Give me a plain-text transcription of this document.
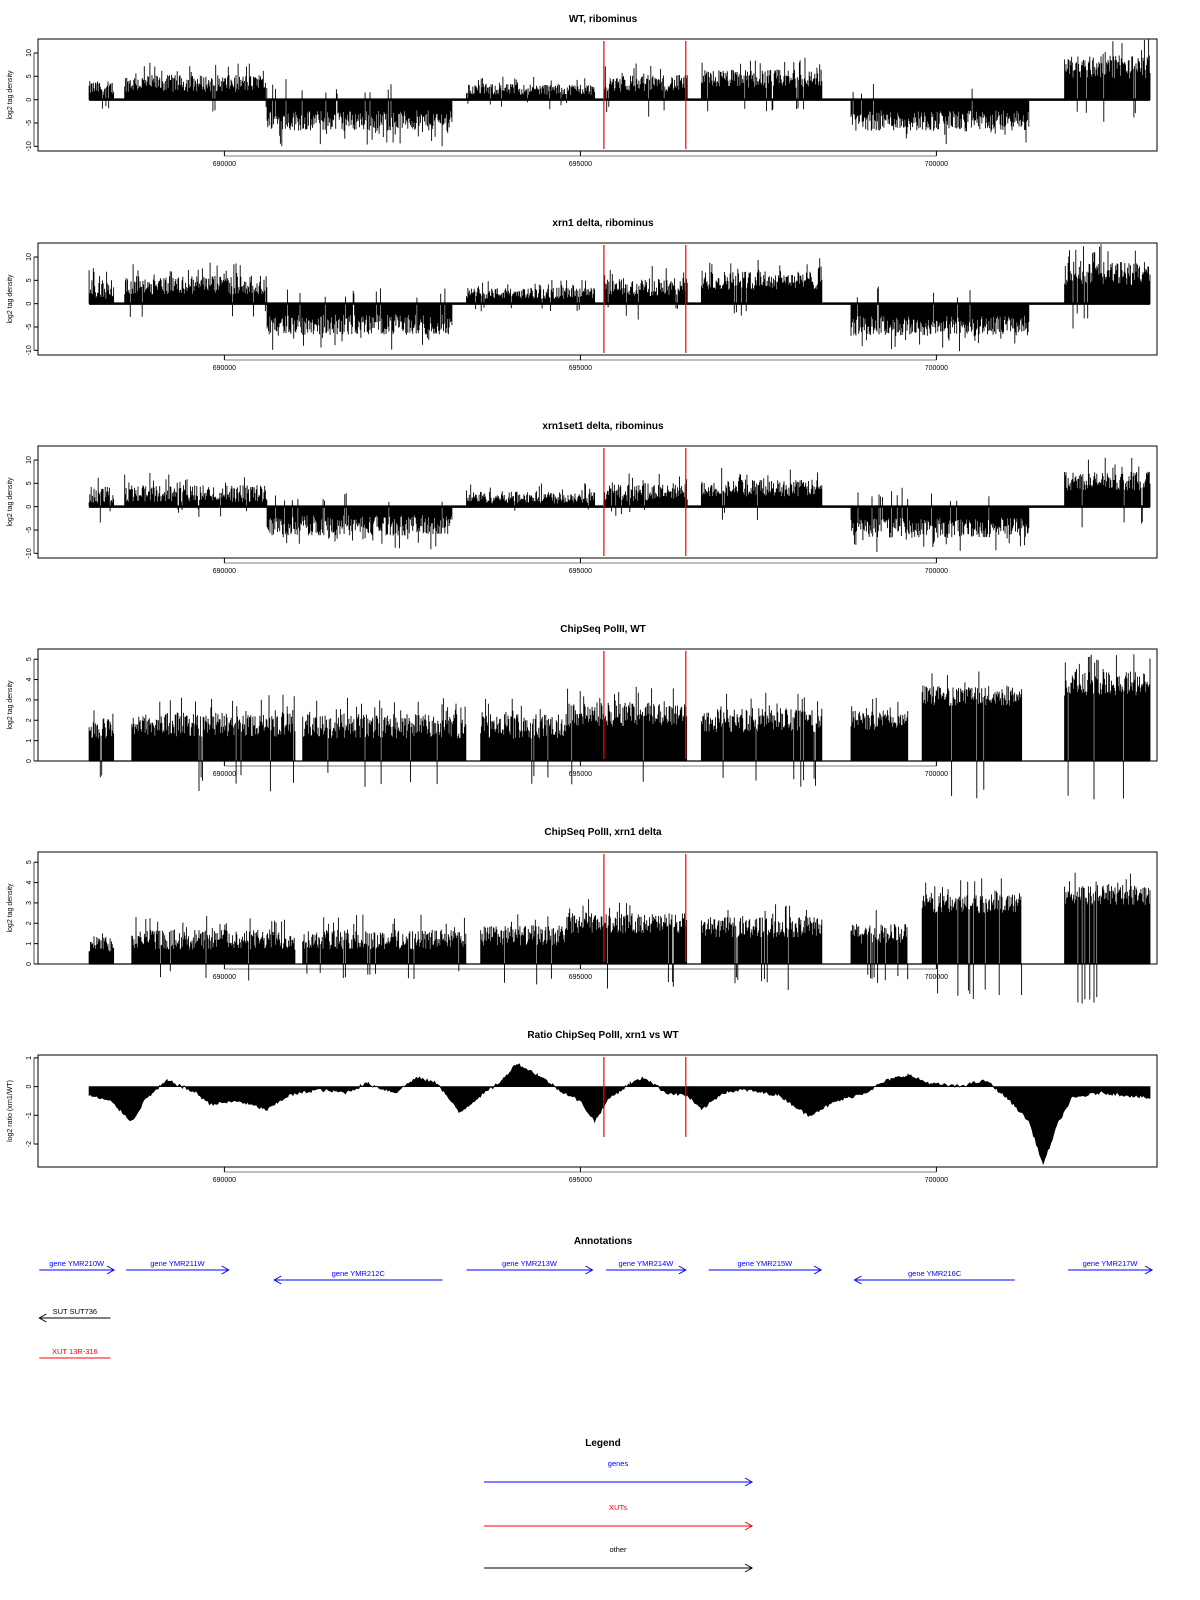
WT, ribominus
-10
-5
0
5
10
log2 tag density
690000	695000	700000
xrn1 delta, ribominus
-10
-5
0
5
10
log2 tag density
690000	695000	700000
xrn1set1 delta, ribominus
-10
-5
0
5
10
log2 tag density
690000	695000	700000
ChipSeq PolII, WT
0
1
2
3
4
5
log2 tag density
690000	695000	700000
ChipSeq PolII, xrn1 delta
0
1
2
3
4
5
log2 tag density
690000	695000	700000
Ratio ChipSeq PolII, xrn1 vs WT
-2
-1
0
1
log2 ratio (xrn1/WT)
690000	695000	700000
Annotations
gene YMR210W	gene YMR211W
gene YMR212C
gene YMR213W	gene YMR214W	gene YMR215W
gene YMR216C
gene YMR217W
SUT SUT736
XUT 13R-316
Legend
genes
XUTs
other
